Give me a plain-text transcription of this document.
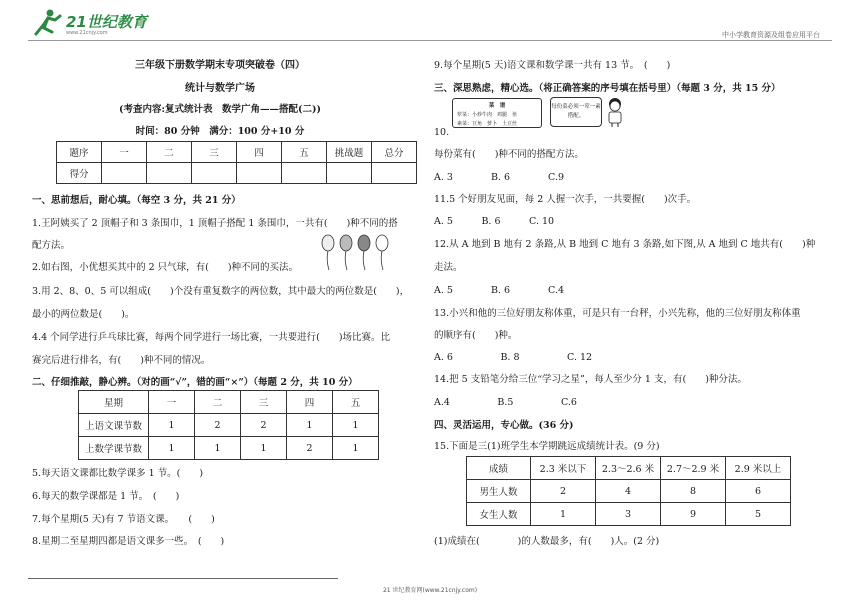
21世纪教育
www.21cnjy.com	中小学教育资源及组卷应用平台
三年级下册数学期末专项突破卷（四）
统计与数学广场
(考查内容:复式统计表　数学广角——搭配(二))
时间：80 分钟　满分：100 分+10 分
题序	一	二	三	四	五	挑战题	总分
得分							
一、思前想后，耐心填。（每空 3 分，共 21 分）
1.王阿姨买了 2 顶帽子和 3 条围巾，1 顶帽子搭配 1 条围巾，一共有(　　)种不同的搭
配方法。
2.如右图，小优想买其中的 2 只气球，有(　　)种不同的买法。
3.用 2、8、0、5 可以组成(　　)个没有重复数字的两位数，其中最大的两位数是(　　)，
最小的两位数是(　　)。
4.4 个同学进行乒乓球比赛，每两个同学进行一场比赛，一共要进行(　　)场比赛。比
赛完后进行排名，有(　　)种不同的情况。
二、仔细推敲，静心辨。（对的画“√”，错的画“×”）（每题 2 分，共 10 分）
星期	一	二	三	四	五
上语文课节数	1	2	2	1	1
上数学课节数	1	1	1	2	1
5.每天语文课都比数学课多 1 节。(　　)
6.每天的数学课都是 1 节。　(　　)
7.每个星期(5 天)有 7 节语文课。　　(　　)
8.星期二至星期四都是语文课多一些。　(　　)
9.每个星期(5 天)语文课和数学课一共有 13 节。　(　　)
三、深思熟虑，精心选。（将正确答案的序号填在括号里）（每题 3 分，共 15 分）
菜　谱
荤菜：小炒牛肉　鸡腿　鱼
素菜：豆角　萝卜　土豆丝
每份菜必须一荤一素搭配。
10.
每份菜有(　　)种不同的搭配方法。
A. 3　　　　B. 6　　　　C.9
11.5 个好朋友见面，每 2 人握一次手，一共要握(　　)次手。
A. 5　　　B. 6　　　C. 10
12.从 A 地到 B 地有 2 条路,从 B 地到 C 地有 3 条路,如下图,从 A 地到 C 地共有(　　)种
走法。
A. 5　　　　B. 6　　　　C.4
13.小兴和他的三位好朋友称体重，可是只有一台秤，小兴先称，他的三位好朋友称体重
的顺序有(　　)种。
A. 6　　　　　B. 8　　　　　C. 12
14.把 5 支铅笔分给三位“学习之星”，每人至少分 1 支，有(　　)种分法。
A.4　　　　　B.5　　　　　C.6
四、灵活运用，专心做。(36 分)
15.下面是三(1)班学生本学期跳远成绩统计表。(9 分)
成绩	2.3 米以下	2.3～2.6 米	2.7～2.9 米	2.9 米以上
男生人数	2	4	8	6
女生人数	1	3	9	5
(1)成绩在(　　　　)的人数最多，有(　　)人。(2 分)
21 世纪教育网(www.21cnjy.com)
